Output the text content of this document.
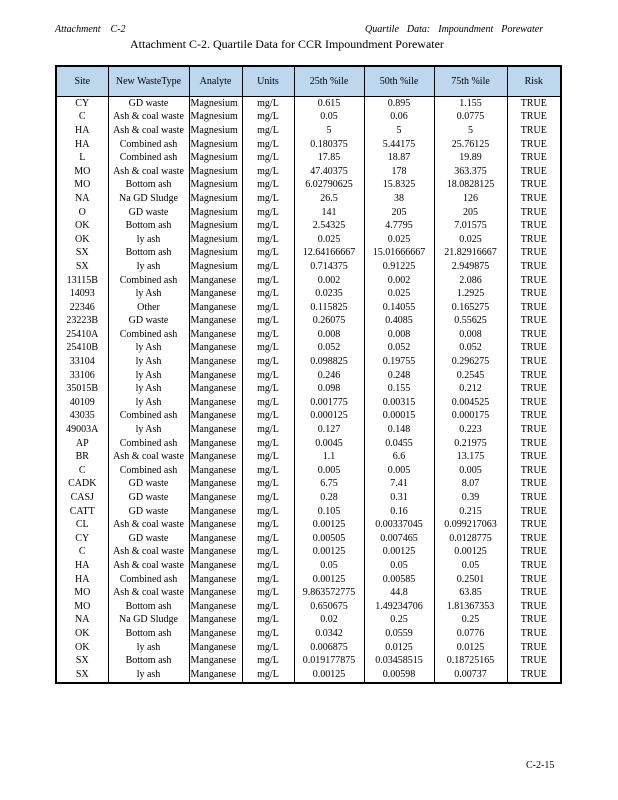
Attachment C-2	Quartile Data: Impoundment Porewater
Attachment C-2. Quartile Data for CCR Impoundment Porewater
Site	New WasteType	Analyte	Units	25th %ile	50th %ile	75th %ile	Risk
CY	GD waste	Magnesium	mg/L	0.615	0.895	1.155	TRUE
C	Ash & coal waste	Magnesium	mg/L	0.05	0.06	0.0775	TRUE
HA	Ash & coal waste	Magnesium	mg/L	5	5	5	TRUE
HA	Combined ash	Magnesium	mg/L	0.180375	5.44175	25.76125	TRUE
L	Combined ash	Magnesium	mg/L	17.85	18.87	19.89	TRUE
MO	Ash & coal waste	Magnesium	mg/L	47.40375	178	363.375	TRUE
MO	Bottom ash	Magnesium	mg/L	6.02790625	15.8325	18.0828125	TRUE
NA	Na GD Sludge	Magnesium	mg/L	26.5	38	126	TRUE
O	GD waste	Magnesium	mg/L	141	205	205	TRUE
OK	Bottom ash	Magnesium	mg/L	2.54325	4.7795	7.01575	TRUE
OK	ly ash	Magnesium	mg/L	0.025	0.025	0.025	TRUE
SX	Bottom ash	Magnesium	mg/L	12.64166667	15.01666667	21.82916667	TRUE
SX	ly ash	Magnesium	mg/L	0.714375	0.91225	2.949875	TRUE
13115B	Combined ash	Manganese	mg/L	0.002	0.002	2.086	TRUE
14093	ly Ash	Manganese	mg/L	0.0235	0.025	1.2925	TRUE
22346	Other	Manganese	mg/L	0.115825	0.14055	0.165275	TRUE
23223B	GD waste	Manganese	mg/L	0.26075	0.4085	0.55625	TRUE
25410A	Combined ash	Manganese	mg/L	0.008	0.008	0.008	TRUE
25410B	ly Ash	Manganese	mg/L	0.052	0.052	0.052	TRUE
33104	ly Ash	Manganese	mg/L	0.098825	0.19755	0.296275	TRUE
33106	ly Ash	Manganese	mg/L	0.246	0.248	0.2545	TRUE
35015B	ly Ash	Manganese	mg/L	0.098	0.155	0.212	TRUE
40109	ly Ash	Manganese	mg/L	0.001775	0.00315	0.004525	TRUE
43035	Combined ash	Manganese	mg/L	0.000125	0.00015	0.000175	TRUE
49003A	ly Ash	Manganese	mg/L	0.127	0.148	0.223	TRUE
AP	Combined ash	Manganese	mg/L	0.0045	0.0455	0.21975	TRUE
BR	Ash & coal waste	Manganese	mg/L	1.1	6.6	13.175	TRUE
C	Combined ash	Manganese	mg/L	0.005	0.005	0.005	TRUE
CADK	GD waste	Manganese	mg/L	6.75	7.41	8.07	TRUE
CASJ	GD waste	Manganese	mg/L	0.28	0.31	0.39	TRUE
CATT	GD waste	Manganese	mg/L	0.105	0.16	0.215	TRUE
CL	Ash & coal waste	Manganese	mg/L	0.00125	0.00337045	0.099217063	TRUE
CY	GD waste	Manganese	mg/L	0.00505	0.007465	0.0128775	TRUE
C	Ash & coal waste	Manganese	mg/L	0.00125	0.00125	0.00125	TRUE
HA	Ash & coal waste	Manganese	mg/L	0.05	0.05	0.05	TRUE
HA	Combined ash	Manganese	mg/L	0.00125	0.00585	0.2501	TRUE
MO	Ash & coal waste	Manganese	mg/L	9.863572775	44.8	63.85	TRUE
MO	Bottom ash	Manganese	mg/L	0.650675	1.49234706	1.81367353	TRUE
NA	Na GD Sludge	Manganese	mg/L	0.02	0.25	0.25	TRUE
OK	Bottom ash	Manganese	mg/L	0.0342	0.0559	0.0776	TRUE
OK	ly ash	Manganese	mg/L	0.006875	0.0125	0.0125	TRUE
SX	Bottom ash	Manganese	mg/L	0.019177875	0.03458515	0.18725165	TRUE
SX	ly ash	Manganese	mg/L	0.00125	0.00598	0.00737	TRUE
C-2-15
